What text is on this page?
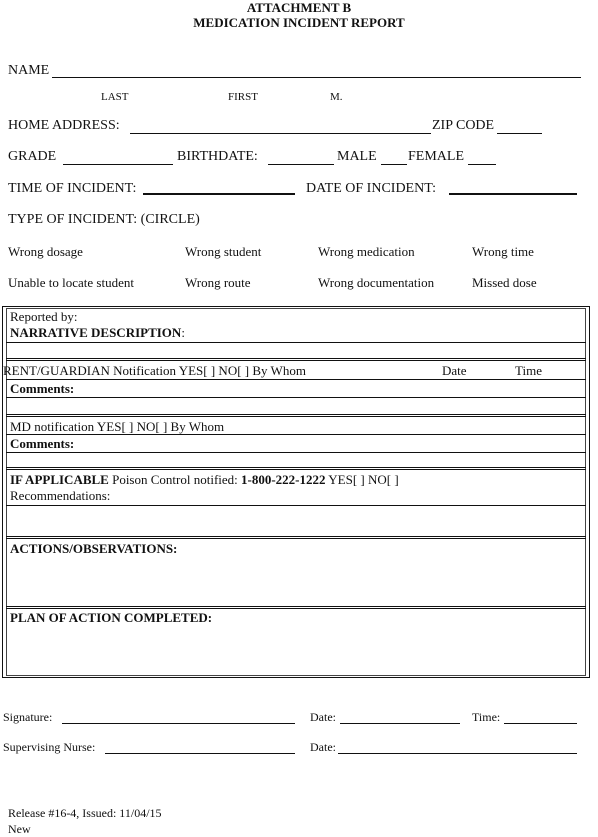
ATTACHMENT B
MEDICATION INCIDENT REPORT
NAME
LAST	FIRST	M.
HOME ADDRESS:	ZIP CODE
GRADE	BIRTHDATE:	MALE FEMALE
TIME OF INCIDENT:	DATE OF INCIDENT:
TYPE OF INCIDENT: (CIRCLE)
Wrong dosage	Wrong student	Wrong medication	Wrong time
Unable to locate student	Wrong route	Wrong documentation	Missed dose
Reported by:
NARRATIVE DESCRIPTION:
RENT/GUARDIAN Notification YES[ ] NO[ ] By Whom	Date	Time
Comments:
MD notification YES[ ] NO[ ] By Whom
Comments:
IF APPLICABLE Poison Control notified: 1-800-222-1222 YES[ ] NO[ ]
Recommendations:
ACTIONS/OBSERVATIONS:
PLAN OF ACTION COMPLETED:
Signature:	Date:	Time:
Supervising Nurse:	Date:
Release #16-4, Issued: 11/04/15
New
